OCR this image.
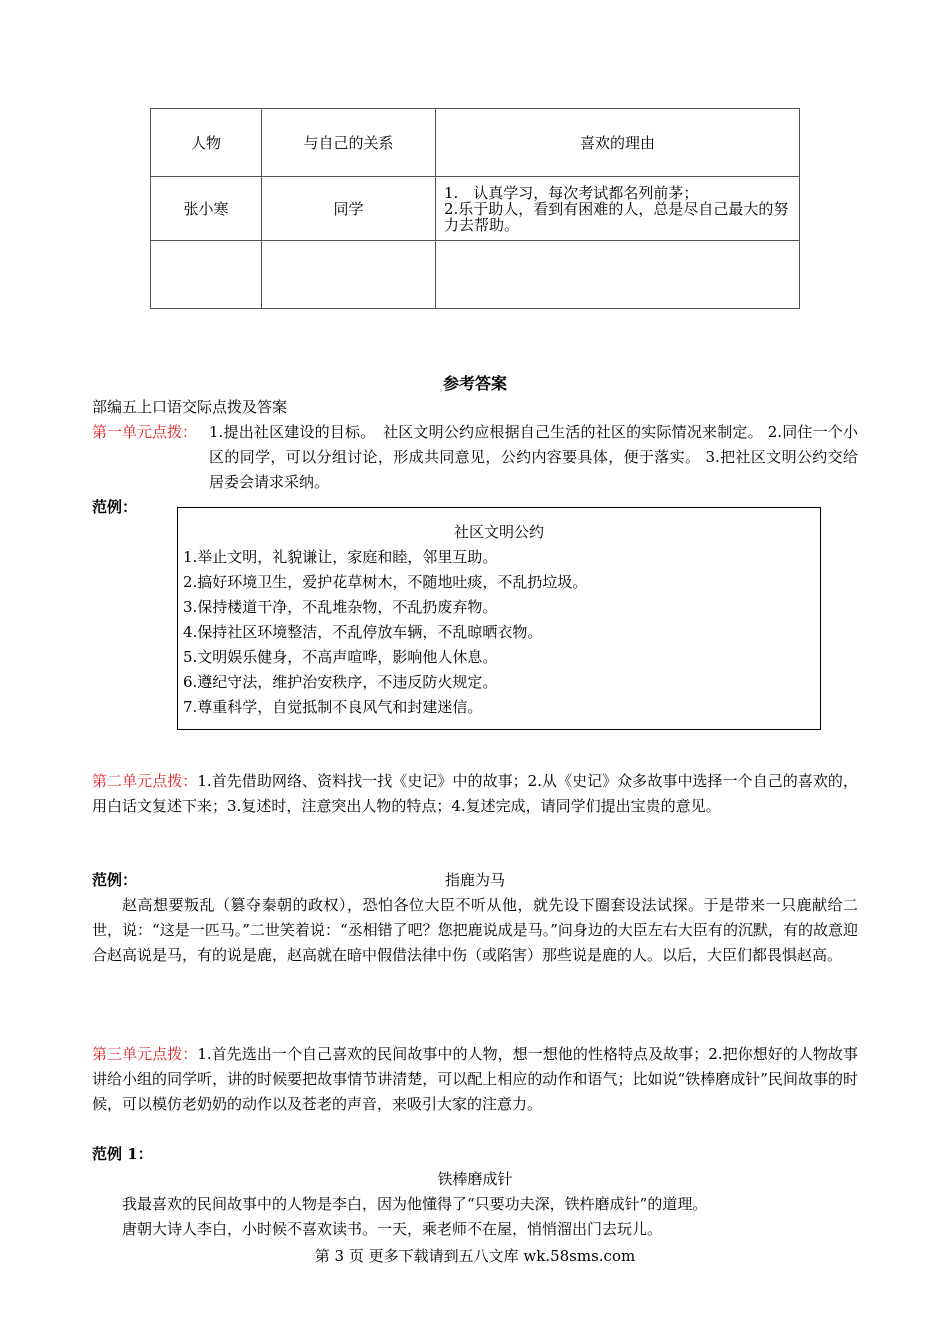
人物	与自己的关系	喜欢的理由
张小寒	同学	1.　认真学习，每次考试都名列前茅；
2.乐于助人，看到有困难的人，总是尽自己最大的努力去帮助。

参考答案
部编五上口语交际点拨及答案
第一单元点拨： 1.提出社区建设的目标。　社区文明公约应根据自己生活的社区的实际情况来制定。 2.同住一个小区的同学，可以分组讨论，形成共同意见，公约内容要具体，便于落实。 3.把社区文明公约交给居委会请求采纳。
范例：
社区文明公约
1.举止文明，礼貌谦让，家庭和睦，邻里互助。
2.搞好环境卫生，爱护花草树木，不随地吐痰，不乱扔垃圾。
3.保持楼道干净，不乱堆杂物，不乱扔废弃物。
4.保持社区环境整洁，不乱停放车辆，不乱晾晒衣物。
5.文明娱乐健身，不高声喧哗，影响他人休息。
6.遵纪守法，维护治安秩序，不违反防火规定。
7.尊重科学，自觉抵制不良风气和封建迷信。
第二单元点拨：1.首先借助网络、资料找一找《史记》中的故事；2.从《史记》众多故事中选择一个自己的喜欢的，用白话文复述下来；3.复述时，注意突出人物的特点；4.复述完成，请同学们提出宝贵的意见。
范例：	指鹿为马
赵高想要叛乱（篡夺秦朝的政权），恐怕各位大臣不听从他，就先设下圈套设法试探。于是带来一只鹿献给二世，说：“这是一匹马。”二世笑着说：“丞相错了吧？您把鹿说成是马。”问身边的大臣左右大臣有的沉默，有的故意迎合赵高说是马，有的说是鹿，赵高就在暗中假借法律中伤（或陷害）那些说是鹿的人。以后，大臣们都畏惧赵高。
第三单元点拨：1.首先选出一个自己喜欢的民间故事中的人物，想一想他的性格特点及故事；2.把你想好的人物故事讲给小组的同学听，讲的时候要把故事情节讲清楚，可以配上相应的动作和语气；比如说“铁棒磨成针”民间故事的时候，可以模仿老奶奶的动作以及苍老的声音，来吸引大家的注意力。
范例 1：
铁棒磨成针
我最喜欢的民间故事中的人物是李白，因为他懂得了“只要功夫深，铁杵磨成针”的道理。
唐朝大诗人李白，小时候不喜欢读书。一天，乘老师不在屋，悄悄溜出门去玩儿。
第 3 页 更多下载请到五八文库 wk.58sms.com
